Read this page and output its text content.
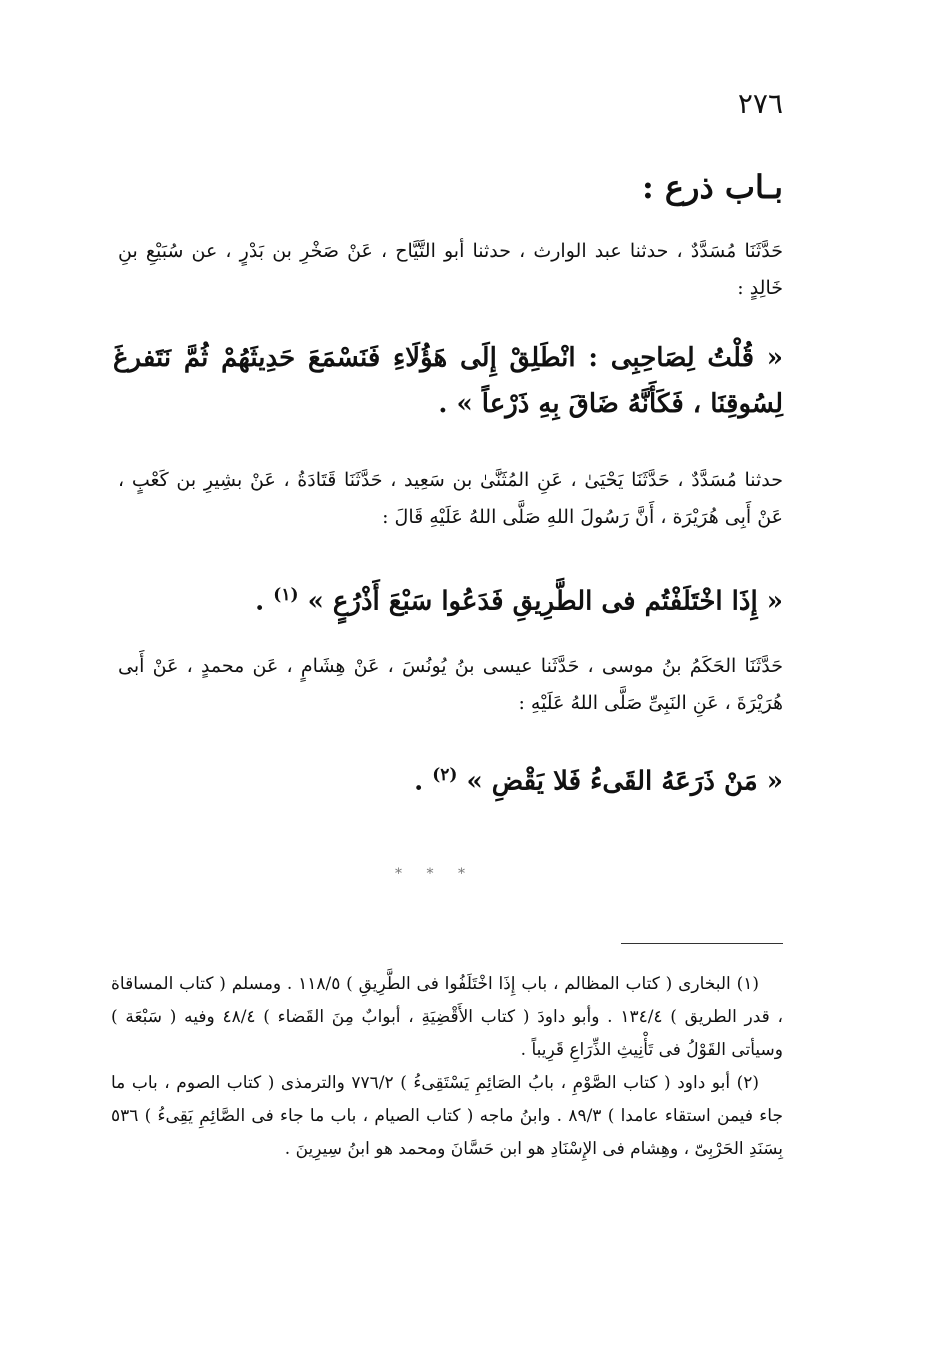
٢٧٦
بـاب ذرع :
حَدَّثَنَا مُسَدَّدٌ ، حدثنا عبد الوارث ، حدثنا أبو التَّيَّاح ، عَنْ صَخْرِ بن بَدْرٍ ، عن سُبَيْعِ بنِ خَالِدٍ :
« قُلْتُ لِصَاحِبِى : انْطَلِقْ إِلَى هَؤُلَاءِ فَنَسْمَعَ حَدِيثَهُمْ ثُمَّ نَتَفرغَ لِسُوقِنَا ، فَكَأَنَّهُ ضَاقَ بِهِ ذَرْعاً » .
حدثنا مُسَدَّدٌ ، حَدَّثَنَا يَحْيَىٰ ، عَنِ المُثَنَّىٰ بن سَعِيد ، حَدَّثَنَا قَتَادَةُ ، عَنْ بشِيرِ بن كَعْبٍ ، عَنْ أَبِى هُرَيْرَة ، أَنَّ رَسُولَ اللهِ صَلَّى اللهُ عَلَيْهِ قَالَ :
« إِذَا اخْتَلَفْتُم فى الطَّرِيقِ فَدَعُوا سَبْعَ أَذْرُعٍ » $^{(١)}$ .
حَدَّثَنَا الحَكَمُ بنُ موسى ، حَدَّثَنا عيسى بنُ يُونُسَ ، عَنْ هِشَامٍ ، عَن محمدٍ ، عَنْ أَبى هُرَيْرَةَ ، عَنِ النَبِىِّ صَلَّى اللهُ عَلَيْهِ :
« مَنْ ذَرَعَهُ القَىءُ فَلا يَقْضِ » $^{(٢)}$ .
* * *

(١) البخارى ( كتاب المظالم ، باب إِذَا اخْتَلَفُوا فى الطَّرِيقِ ) ١١٨/٥ . ومسلم ( كتاب المساقاة ، قدر الطريق ) ١٣٤/٤ . وأبو داودَ ( كتاب الأَقْضِيَةِ ، أبوابٌ مِنَ القَضاء ) ٤٨/٤ وفيه ( سَبْعَة ) وسيأتى القَوْلُ فى تَأْنِيثِ الذِّرَاعِ قَرِيباً .

(٢) أبو داود ( كتاب الصَّوْمِ ، بابُ الصَائِمِ يَسْتَقِىءُ ) ٧٧٦/٢ والترمذى ( كتاب الصوم ، باب ما جاء فيمن استقاء عامدا ) ٨٩/٣ . وابنُ ماجه ( كتاب الصيام ، باب ما جاء فى الصَّائِمِ يَقِىءُ ) ٥٣٦ بِسَنَدِ الحَرْبِىّ ، وهِشام فى الإِسْنَادِ هو ابن حَسَّانَ ومحمد هو ابنُ سِيرِينَ .
